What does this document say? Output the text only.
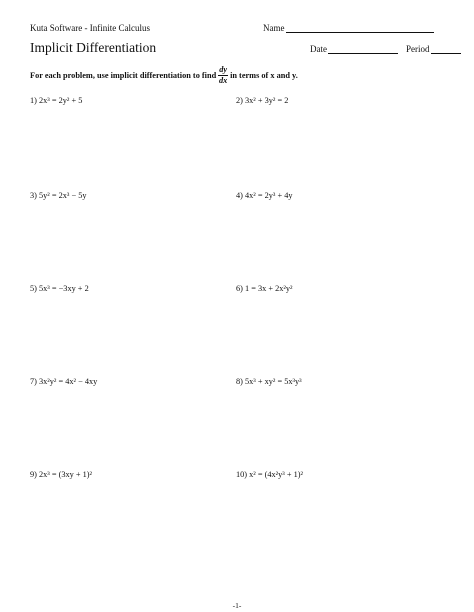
Kuta Software - Infinite Calculus	Name
Implicit Differentiation	Date	Period
For each problem, use implicit differentiation to find $\frac{dy}{dx}$ in terms of x and y.
1) 2x³ = 2y² + 5	2) 3x² + 3y² = 2
3) 5y² = 2x³ − 5y	4) 4x² = 2y³ + 4y
5) 5x³ = −3xy + 2	6) 1 = 3x + 2x²y²
7) 3x²y² = 4x² − 4xy	8) 5x³ + xy² = 5x³y³
9) 2x³ = (3xy + 1)²	10) x² = (4x²y³ + 1)²
-1-
